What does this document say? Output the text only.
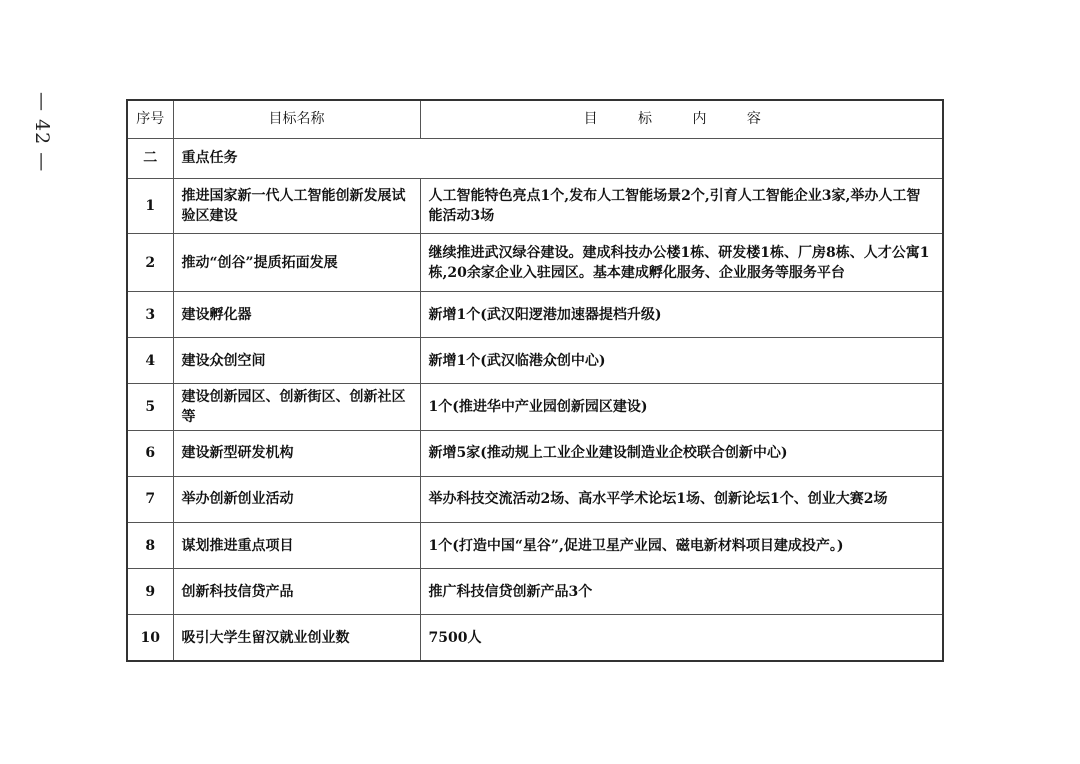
— 42 —	序号	目标名称	目 标 内 容
二	重点任务	
1	推进国家新一代人工智能创新发展试验区建设	人工智能特色亮点1个,发布人工智能场景2个,引育人工智能企业3家,举办人工智能活动3场
2	推动“创谷”提质拓面发展	继续推进武汉绿谷建设。建成科技办公楼1栋、研发楼1栋、厂房8栋、人才公寓1栋,20余家企业入驻园区。基本建成孵化服务、企业服务等服务平台
3	建设孵化器	新增1个(武汉阳逻港加速器提档升级)
4	建设众创空间	新增1个(武汉临港众创中心)
5	建设创新园区、创新街区、创新社区等	1个(推进华中产业园创新园区建设)
6	建设新型研发机构	新增5家(推动规上工业企业建设制造业企校联合创新中心)
7	举办创新创业活动	举办科技交流活动2场、高水平学术论坛1场、创新论坛1个、创业大赛2场
8	谋划推进重点项目	1个(打造中国“星谷”,促进卫星产业园、磁电新材料项目建成投产。)
9	创新科技信贷产品	推广科技信贷创新产品3个
10	吸引大学生留汉就业创业数	7500人
